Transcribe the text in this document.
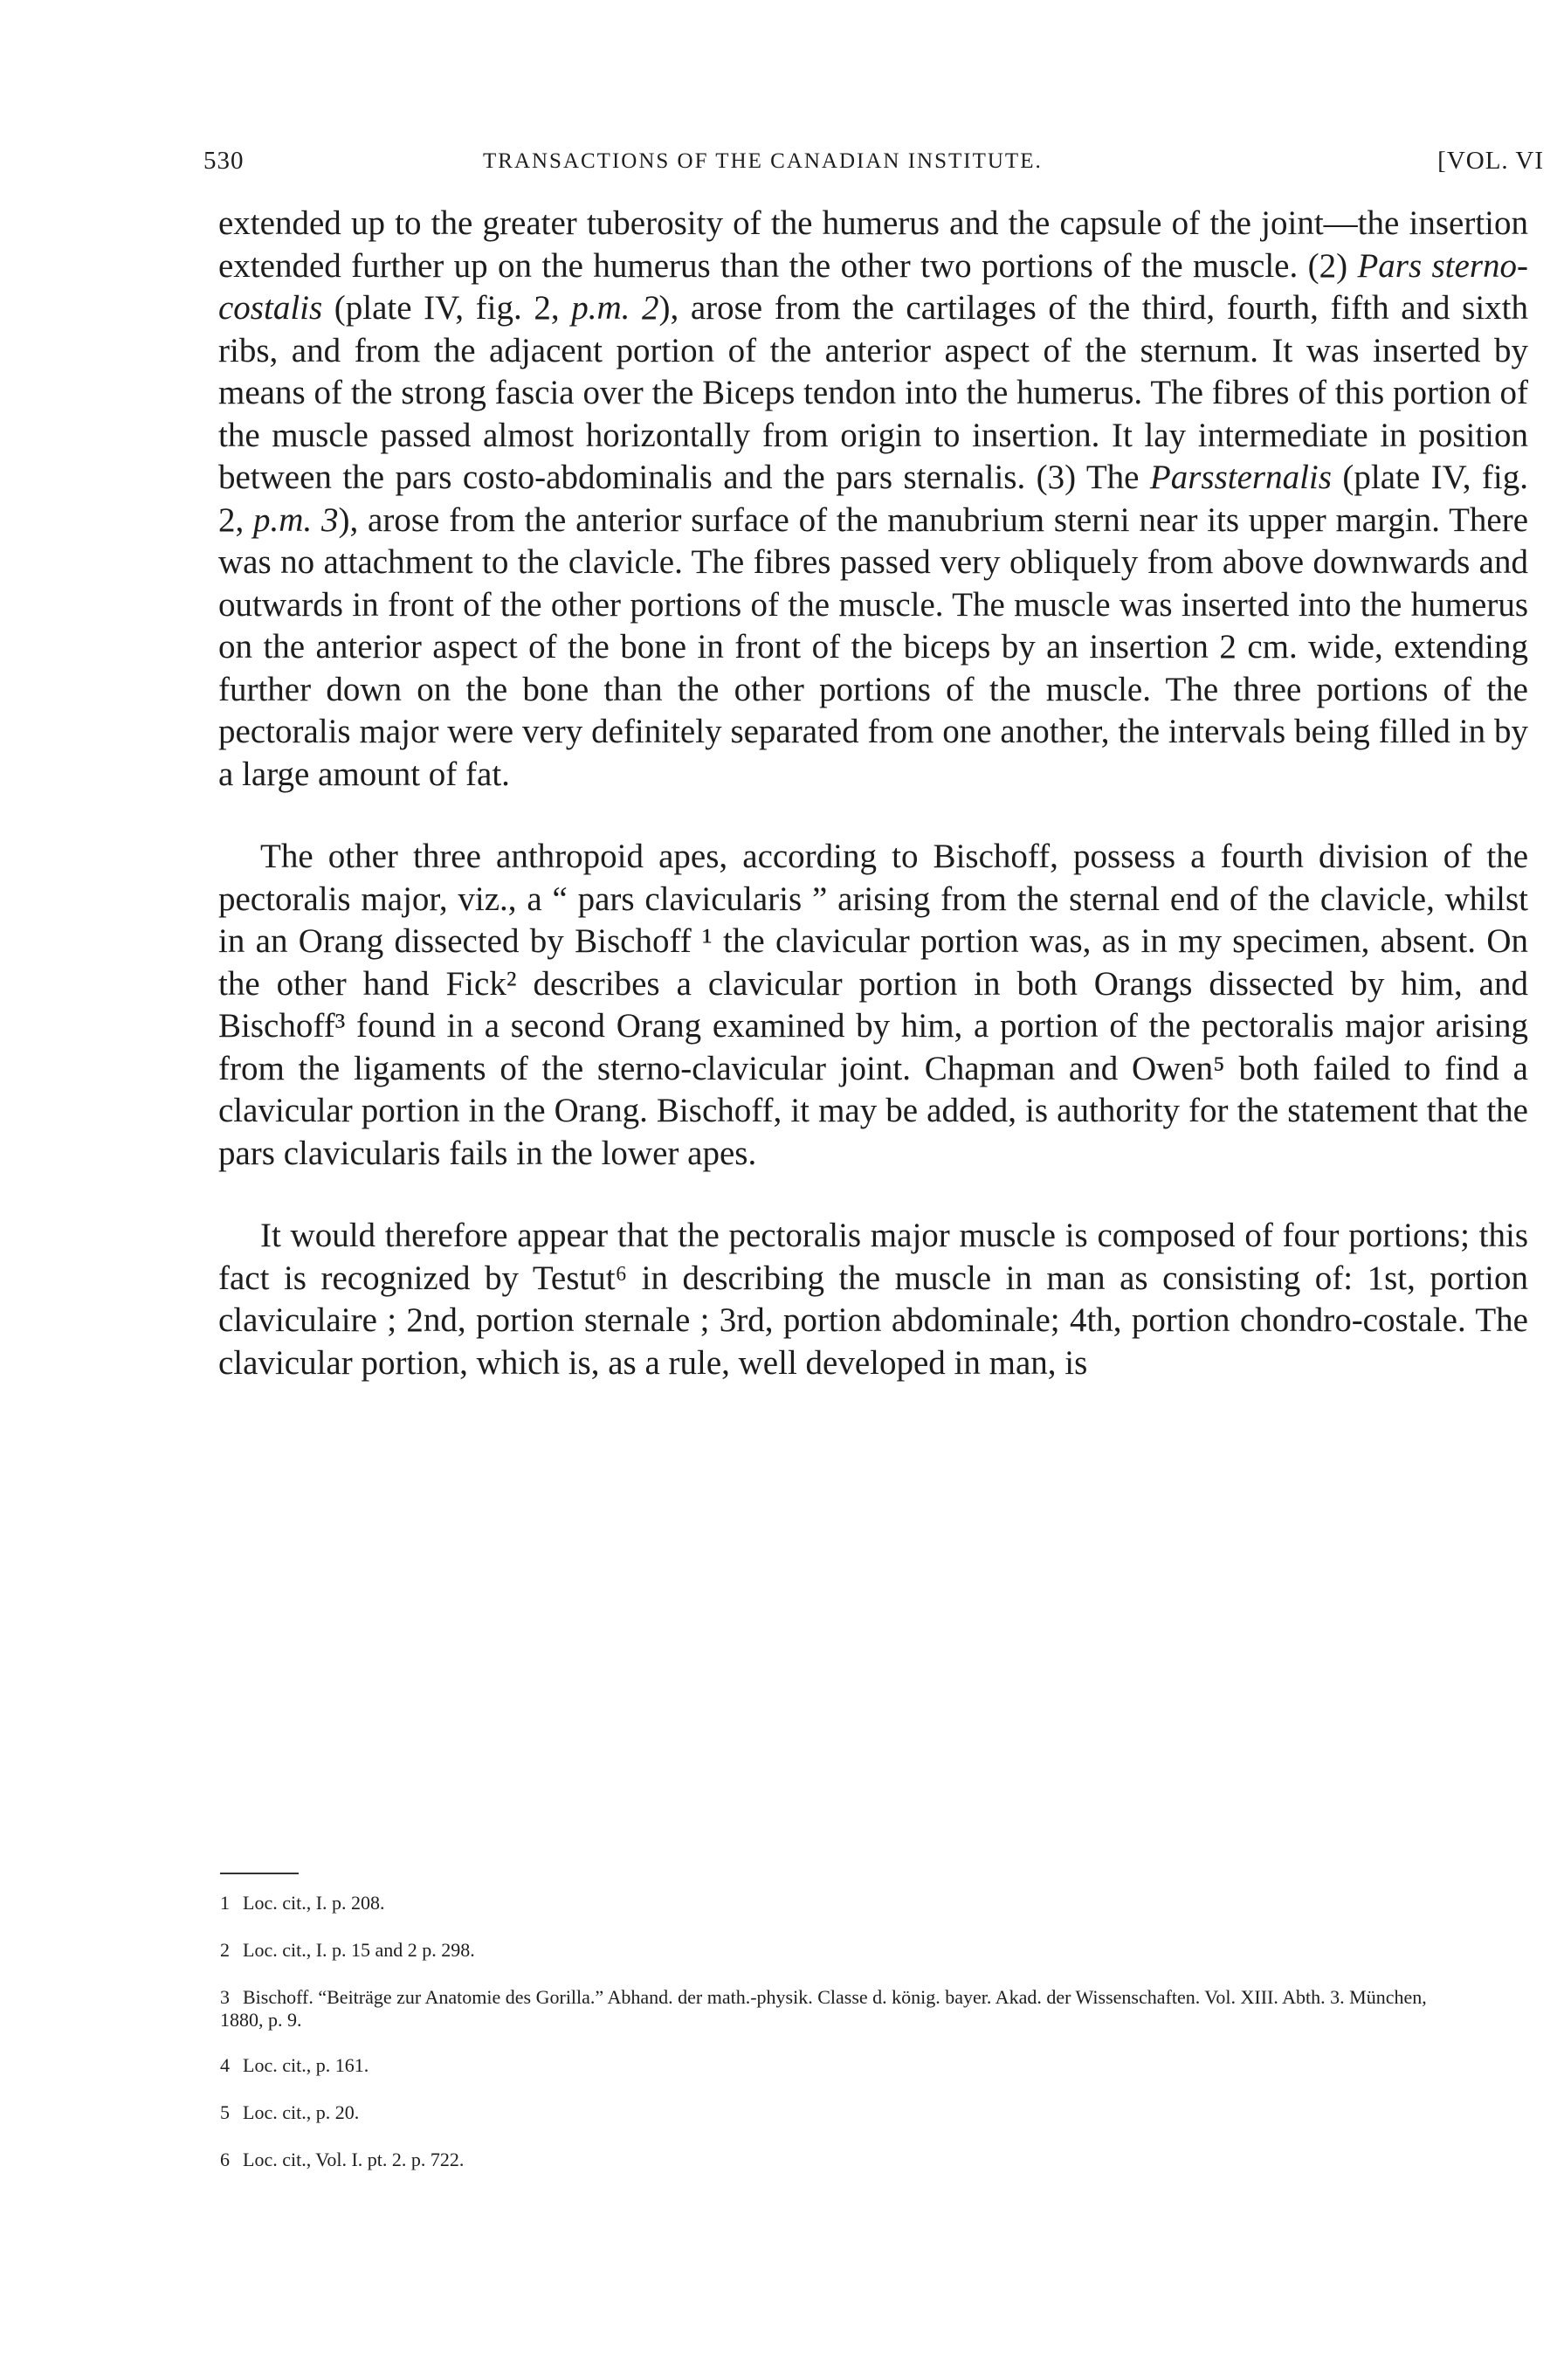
530	TRANSACTIONS OF THE CANADIAN INSTITUTE.	[VOL. VI

extended up to the greater tuberosity of the humerus and the capsule of the joint—the insertion extended further up on the humerus than the other two portions of the muscle. (2) Pars sterno-costalis (plate IV, fig. 2, p.m. 2), arose from the cartilages of the third, fourth, fifth and sixth ribs, and from the adjacent portion of the anterior aspect of the sternum. It was inserted by means of the strong fascia over the Biceps tendon into the humerus. The fibres of this portion of the muscle passed almost horizontally from origin to insertion. It lay intermediate in position between the pars costo-abdominalis and the pars sternalis. (3) The Parssternalis (plate IV, fig. 2, p.m. 3), arose from the anterior surface of the manubrium sterni near its upper margin. There was no attachment to the clavicle. The fibres passed very obliquely from above downwards and outwards in front of the other portions of the muscle. The muscle was inserted into the humerus on the anterior aspect of the bone in front of the biceps by an insertion 2 cm. wide, extending further down on the bone than the other portions of the muscle. The three portions of the pectoralis major were very definitely separated from one another, the intervals being filled in by a large amount of fat.

The other three anthropoid apes, according to Bischoff, possess a fourth division of the pectoralis major, viz., a “ pars clavicularis ” arising from the sternal end of the clavicle, whilst in an Orang dissected by Bischoff ¹ the clavicular portion was, as in my specimen, absent. On the other hand Fick² describes a clavicular portion in both Orangs dissected by him, and Bischoff³ found in a second Orang examined by him, a portion of the pectoralis major arising from the ligaments of the sterno-clavicular joint. Chapman and Owen⁵ both failed to find a clavicular portion in the Orang. Bischoff, it may be added, is authority for the statement that the pars clavicularis fails in the lower apes.

It would therefore appear that the pectoralis major muscle is composed of four portions; this fact is recognized by Testut⁶ in describing the muscle in man as consisting of: 1st, portion claviculaire ; 2nd, portion sternale ; 3rd, portion abdominale; 4th, portion chondro-costale. The clavicular portion, which is, as a rule, well developed in man, is

1 Loc. cit., I. p. 208.

2 Loc. cit., I. p. 15 and 2 p. 298.

3 Bischoff. “Beiträge zur Anatomie des Gorilla.” Abhand. der math.-physik. Classe d. könig. bayer. Akad. der Wissenschaften. Vol. XIII. Abth. 3. München, 1880, p. 9.

4 Loc. cit., p. 161.

5 Loc. cit., p. 20.

6 Loc. cit., Vol. I. pt. 2. p. 722.
